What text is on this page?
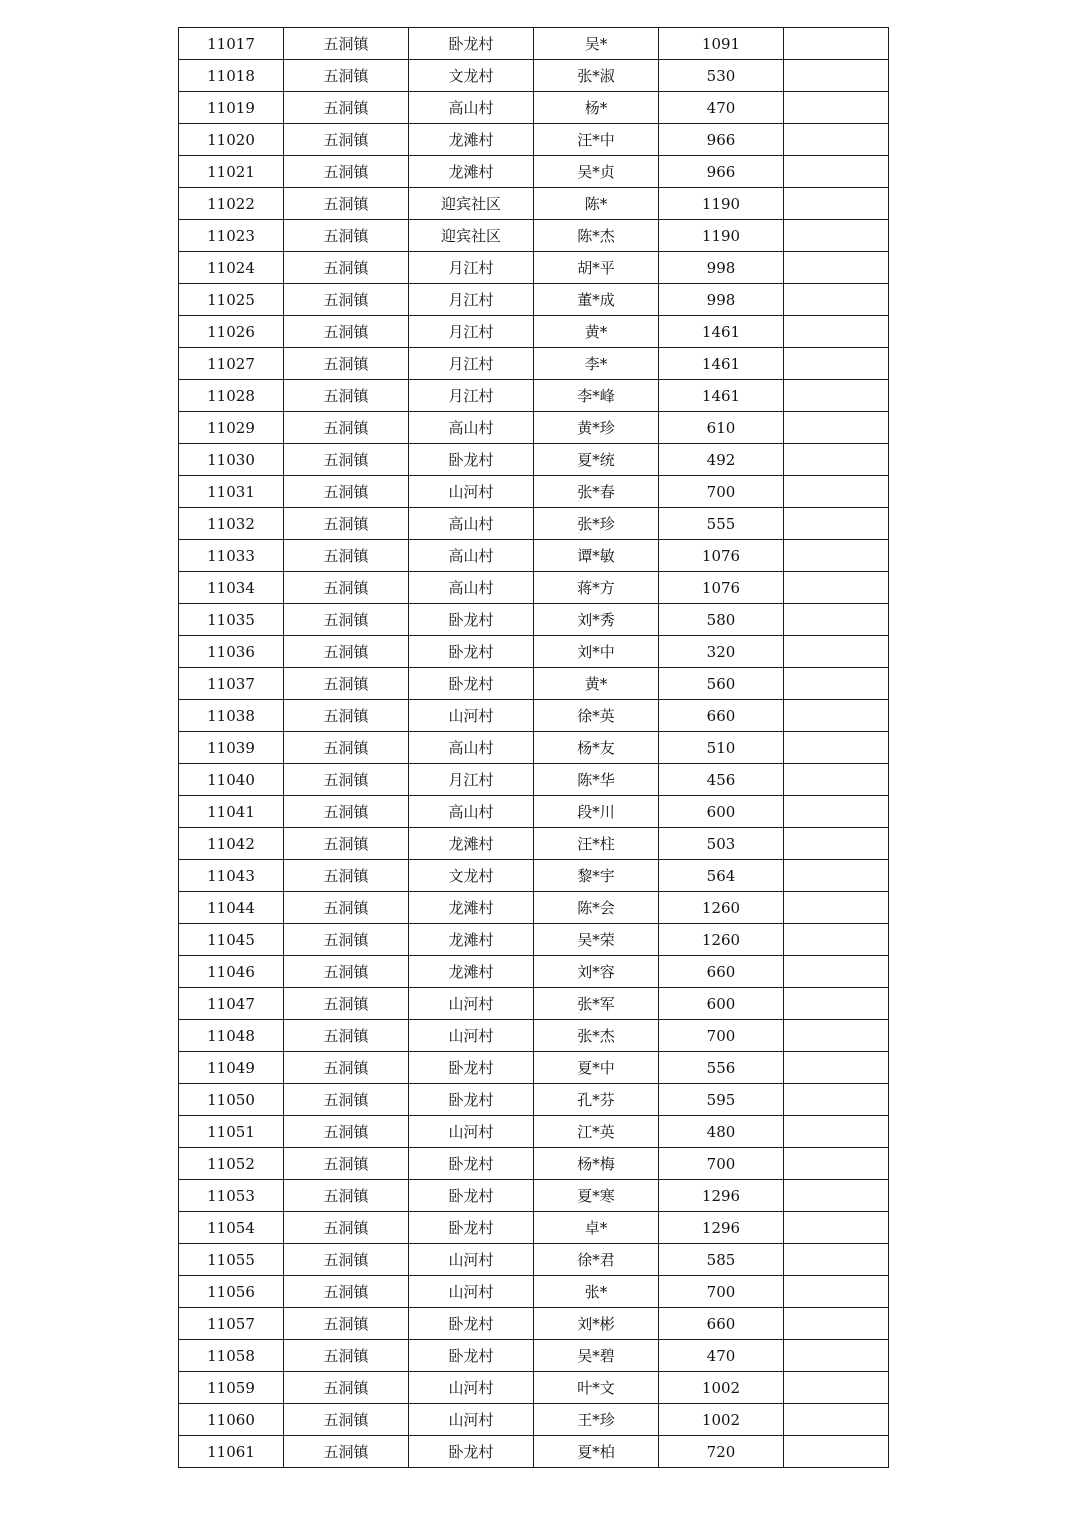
11017	五洞镇	卧龙村	吴*	1091	
11018	五洞镇	文龙村	张*淑	530	
11019	五洞镇	高山村	杨*	470	
11020	五洞镇	龙滩村	汪*中	966	
11021	五洞镇	龙滩村	吴*贞	966	
11022	五洞镇	迎宾社区	陈*	1190	
11023	五洞镇	迎宾社区	陈*杰	1190	
11024	五洞镇	月江村	胡*平	998	
11025	五洞镇	月江村	董*成	998	
11026	五洞镇	月江村	黄*	1461	
11027	五洞镇	月江村	李*	1461	
11028	五洞镇	月江村	李*峰	1461	
11029	五洞镇	高山村	黄*珍	610	
11030	五洞镇	卧龙村	夏*统	492	
11031	五洞镇	山河村	张*春	700	
11032	五洞镇	高山村	张*珍	555	
11033	五洞镇	高山村	谭*敏	1076	
11034	五洞镇	高山村	蒋*方	1076	
11035	五洞镇	卧龙村	刘*秀	580	
11036	五洞镇	卧龙村	刘*中	320	
11037	五洞镇	卧龙村	黄*	560	
11038	五洞镇	山河村	徐*英	660	
11039	五洞镇	高山村	杨*友	510	
11040	五洞镇	月江村	陈*华	456	
11041	五洞镇	高山村	段*川	600	
11042	五洞镇	龙滩村	汪*柱	503	
11043	五洞镇	文龙村	黎*宇	564	
11044	五洞镇	龙滩村	陈*会	1260	
11045	五洞镇	龙滩村	吴*荣	1260	
11046	五洞镇	龙滩村	刘*容	660	
11047	五洞镇	山河村	张*军	600	
11048	五洞镇	山河村	张*杰	700	
11049	五洞镇	卧龙村	夏*中	556	
11050	五洞镇	卧龙村	孔*芬	595	
11051	五洞镇	山河村	江*英	480	
11052	五洞镇	卧龙村	杨*梅	700	
11053	五洞镇	卧龙村	夏*寒	1296	
11054	五洞镇	卧龙村	卓*	1296	
11055	五洞镇	山河村	徐*君	585	
11056	五洞镇	山河村	张*	700	
11057	五洞镇	卧龙村	刘*彬	660	
11058	五洞镇	卧龙村	吴*碧	470	
11059	五洞镇	山河村	叶*文	1002	
11060	五洞镇	山河村	王*珍	1002	
11061	五洞镇	卧龙村	夏*柏	720	
